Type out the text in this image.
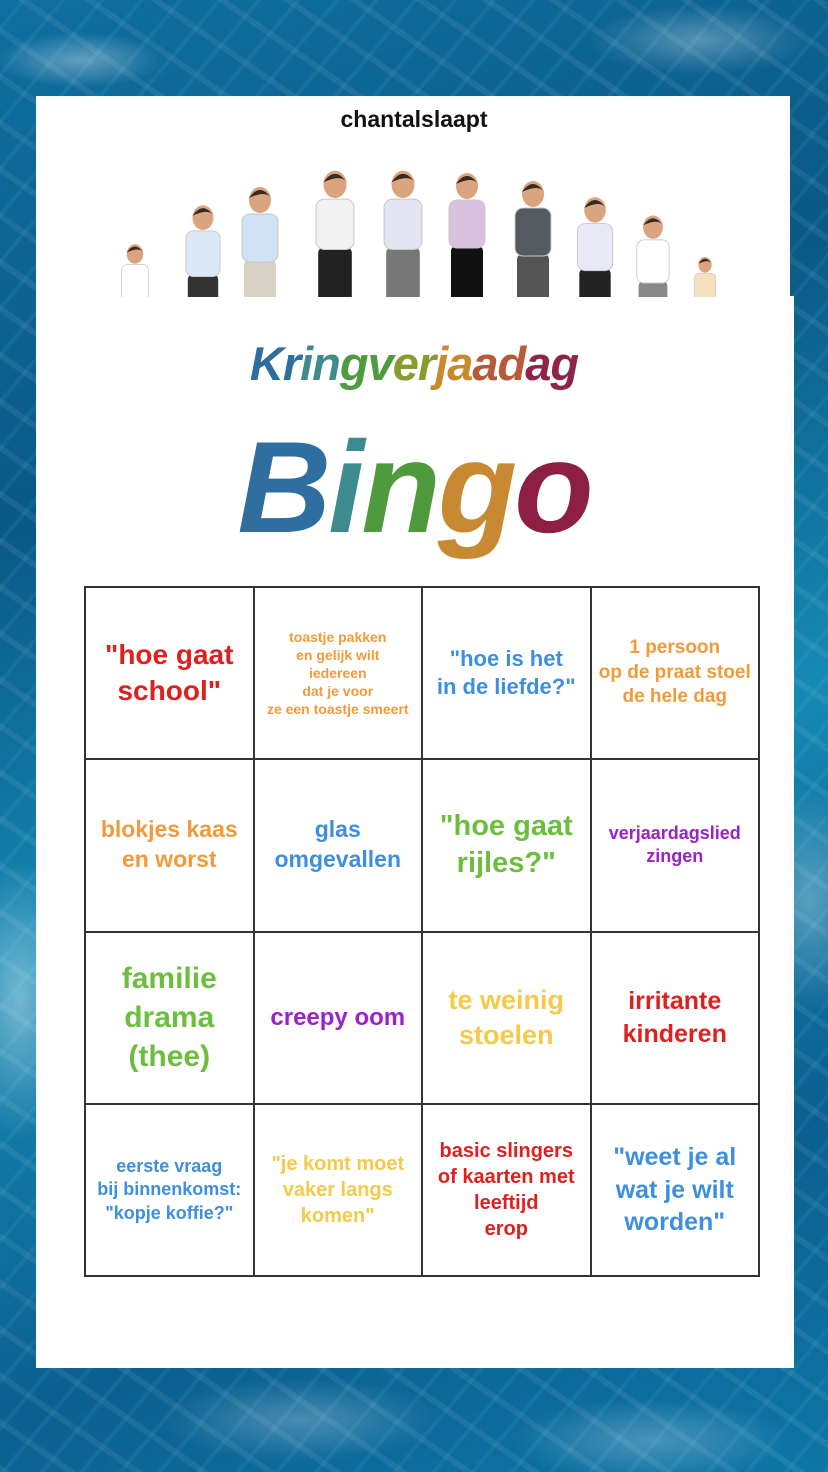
chantalslaapt
Kringverjaadag
Bingo
"hoe gaat
school"
toastje pakken
en gelijk wilt
iedereen
dat je voor
ze een toastje smeert
"hoe is het
in de liefde?"
1 persoon
op de praat stoel
de hele dag
blokjes kaas
en worst
glas
omgevallen
"hoe gaat
rijles?"
verjaardagslied
zingen
familie
drama
(thee)
creepy oom
te weinig
stoelen
irritante
kinderen
eerste vraag
bij binnenkomst:
"kopje koffie?"
"je komt moet
vaker langs
komen"
basic slingers
of kaarten met
leeftijd
erop
"weet je al
wat je wilt
worden"
